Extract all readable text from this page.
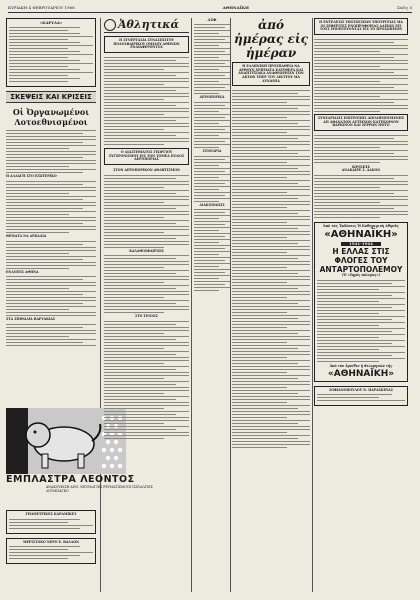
ΚΥΡΙΑΚΗ 4 ΦΕΒΡΟΥΑΡΙΟΥ 1968	ΑΘΗΝΑΪΚΗ	Σελὶς 5
«ΚΑΡΥΔΑ»
ΣΚΕΨΕΙΣ ΚΑΙ ΚΡΙΣΕΙΣ
Οἱ Ὀργανωμένοι Λοτοεθνισμένοι
Η ΑΛΛΑΓΗ ΣΤΟ ΕΞΩΤΕΡΙΚΟ
ΘΕΜΑΤΑ ΝΑ ΑΡΚΑΔΙΑ
ΕΝΔΟΞΟΣ ΑΘΗΝΑ
ΣΤΑ ΣΠΙΘΑΛΙΑ ΒΑΡΥΑΚΙΑΣ
ΕΜΠΛΑΣΤΡΑ ΛΕΟΝΤΟΣ
ΑΝΑΚΟΥΦΙΣΗ ΑΠΟ: ΝΕΥΡΑΛΓΙΕΣ ΡΕΥΜΑΤΙΣΜΟΥΣ ΙΣΧΥΑΛΓΙΕΣ ΛΟΥΜΠΑΓΚΟ
ΓΕΩΜΕΤΡΙΚΕΣ ΚΑΡΑΜΙΚΕΣ
ΜΕΡΙΣΤΟΚΟ ΝΕΡΟ Ε. ΒΑΛΛΩΝ
Ἀθλητικά
Η ΣΥΝΕΡΓΑΣΙΑ ΣΥΝΑΣΠΙΣΤΟΥ ΠΟΔΟΣΦΑΙΡΙΚΟΥ ΟΜΙΛΟΥ ΑΘΗΝΩΝ ΕΝΔΙΑΦΕΡΟΝΤΟΣ
Ο ΔΙΑΣΤΗΜΑΤΟΣ ΓΕΩΡΓΙΟΥ ΣΥΓΧΡΟΝΙΣΜΟΥ ΕΙΣ ΤΟΝ ΤΟΜΕΑ ΠΟΔΟΣ ΑΕΡΟΠΟΡΙΑΣ
ΣΤΟΝ ΑΕΡΟΠΟΡΙΚΟΝ ΑΘΛΗΤΙΣΜΟΝ
ΚΑΛΑΘΟΣΦΑΙΡΙΣΙΣ
ΣΤΟ ΤΕΝΝΙΣ
ΑΣΦ
ΑΕΡΟΠΟΡΙΚΑ
ΣΥΝΕΔΡΙΑ
ΔΙΑΚΟΙΝΩΣΙΣ
ἀπό ἡμέρας εἰς ἡμέραν
Η ΕΛΛΗΝΙΚΗ ΠΡΟΣΠΑΘΕΙΑ ΝΑ ΑΡΘΟΥΝ ΧΡΗΜΑΤΑ ΕΛΕΥΘΕΡΑ ΚΑΙ ΑΝΑΠΤΥΞΙΑΚΑ ΑΝΑΘΕΩΡΗΣΙΝ ΤΩΝ ΑΚΤΩΝ ΥΠΕΡ ΤΟΥ ΔΙΚΤΥΟΥ ΜΑ ΔΥΝΑΜΙΑ
Η ΕΝΤΕΛΕΣΙΣ ΥΠΟΣΧΕΣΕΩΝ ΥΠΟΥΡΓΕΙΑΣ ΜΑ ΟΙ ΣΕΦΕΡΙΤΕΣ ΕΝΟΠΡΟΦΟΡΙΑΣ ΑΔΕΙΩΝ ΕΙΣ ΤΟΥΣ ΥΠΟΠΤΕΥΟΝΤΑΣ ΕΙΣ ΤΟ ΠΡΟΣΩΠΕΙΟΝ
ΣΥΝΕΔΡΙΑΣΙΣ ΕΠΙΤΡΟΠΗΣ ΑΠΟΔΗΜΟΥΜΕΝΗΣ ΑΠ ΑΘΑΝΑΤΩΝ ΑΥΤΕΙΝΩΝ ΚΑΤΕΚΟΙΝΟΝ ΒΑΡΚΙΝΟΝ ΚΑΙ ΣΕΡΡΩΝ ΜΟΤΟ
ΚΡΙΣΕΙΣ
ΑΝΑΚΑΙΡΕ Σ. ΔΑΚΟΝ
Ἀπὸ τὰς Ἐκδόσεις Ἡ Καθημερινὴ Αθηνᾶς
«ΑΘΗΝΑΪΚΗ»
1941-1944
Η ΕΛΛΑΣ ΣΤΙΣ ΦΛΟΓΕΣ ΤΟΥ ΑΝΤΑΡΤΟΠΟΛΕΜΟΥ
(Ὁ «Ξηρὸς πόλεμος»)
Ἀπὸ τὸν Ἀρνίθιο ἢ Φιλομηνῶν τῆς
«ΑΘΗΝΑΪΚΗ»
ΣΟΦΙΑΝΟΠΟΥΛΟΥ Ν. ΠΑΡΑΣΚΕΥΑΣ
